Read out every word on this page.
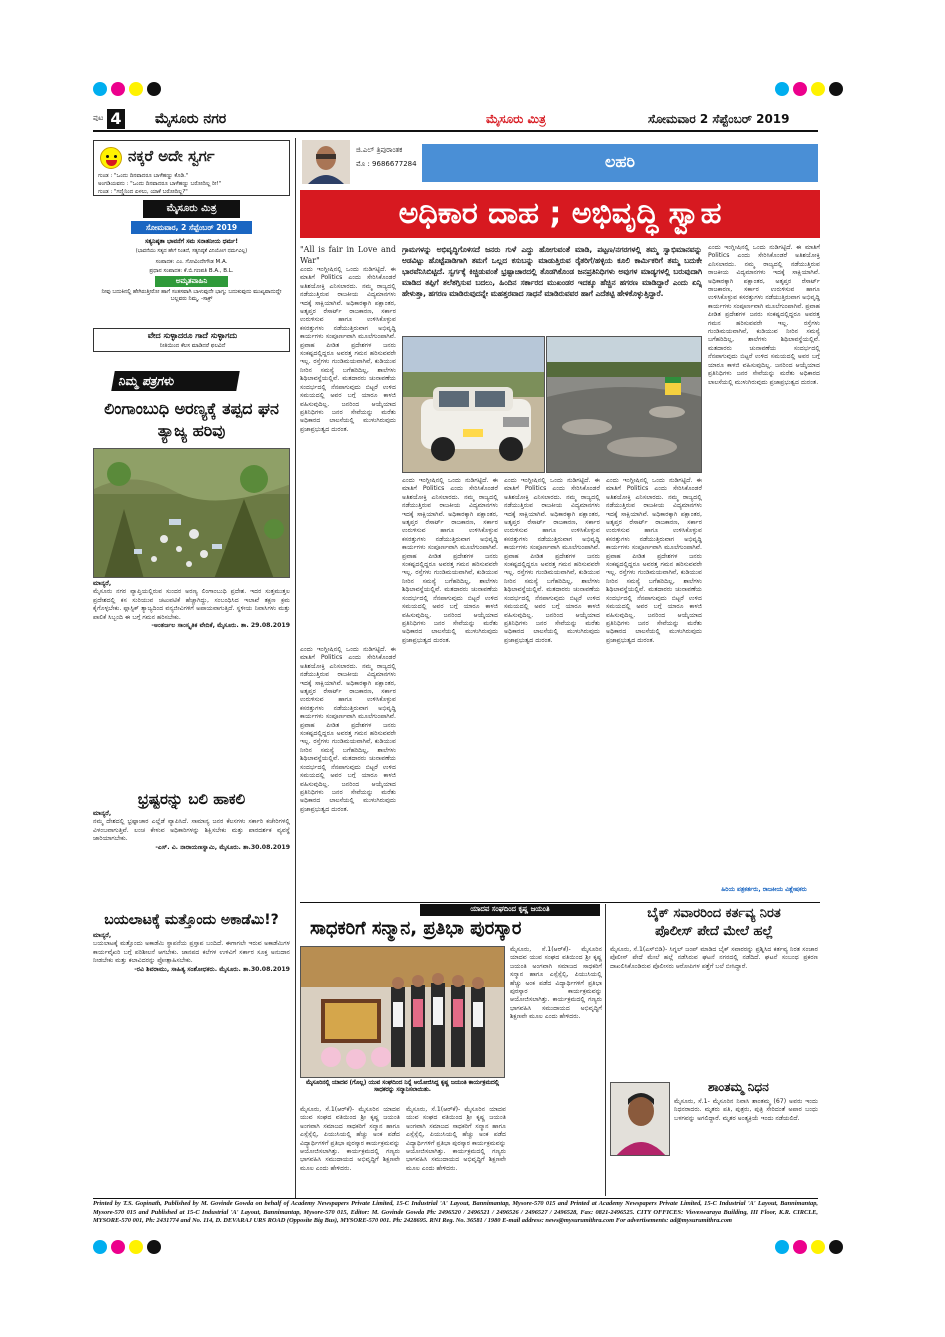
ಪುಟ 4 ಮೈಸೂರು ನಗರ	ಮೈಸೂರು ಮಿತ್ರ	ಸೋಮವಾರ 2 ಸೆಪ್ಟೆಂಬರ್ 2019
ನಕ್ಕರೆ ಅದೇ ಸ್ವರ್ಗ
ಗುಂಡ : "ಒಂದು ದಿನವಾದರೂ ಬಾಳೆಹಣ್ಣು ಕೊಡಿ."
ಅಂಗಡಿಯವನು : "ಒಂದು ದಿನವಾದರೂ ಬಾಳೆಹಣ್ಣು ಬರೋದಿಲ್ಲ ರೀ!"
ಗುಂಡ : "ಗಣ್ಣಿನಿಂದ ಏಳಲು, ಯಾಕೆ ಬರೋದಿಲ್ಲ?"
ಮೈಸೂರು ಮಿತ್ರ
ಸೋಮವಾರ, 2 ಸೆಪ್ಟೆಂಬರ್ 2019
ಸತ್ಯನಿಷ್ಠತಾ ಭಾವನೆಗೆ ಸಮ ಸನಾತನೀಯ ಧರ್ಮ!
(ಭಾವನೆಯು ಸತ್ಯದ ಹೇಗೆ ನಿಂತಿದೆ, ಸತ್ಯನಿಷ್ಠತೆ ವಿನಿಯೋಗ ಧರ್ಮವಿಲ್ಲ)
ಸಂಪಾದಕ: ಎಂ. ಗೋವಿಂದೇಗೌಡ M.A.
ಪ್ರಧಾನ ಸಂಪಾದಕ: ಕೆ.ಬಿ.ಗಣಪತಿ B.A., B.L.
ಅಮೃತವಾಹಿನಿ
ನೀವು ಬದುಕಿನಲ್ಲಿ ಹೇಗಿರುತ್ತೀರೋ ಹಾಗೆ ಸಂತಸವಾಗಿ ಬಾಳುವುದೇ ಭಾಗ್ಯ; ಬದುಕುವುದು ಮುಖ್ಯವಾದುದ್ದೇ ಬಲ್ಲವರು ನಿಮ್ಮ. -ಸಾಕ್ರ್
ವೇದ ಸುಳ್ಳಾದರೂ ಗಾದೆ ಸುಳ್ಳಾಗದು
ನೀತಿಯಿಂದ ಕೆಲಸ ಮಾಡಿದರೆ ಫಲವಿದೆ
ನಿಮ್ಮ ಪತ್ರಗಳು
ಲಿಂಗಾಂಬುಧಿ ಅರಣ್ಯಕ್ಕೆ ತಪ್ಪದ ಘನ ತ್ಯಾಜ್ಯ ಹರಿವು

ಮಾನ್ಯರೆ,

ಮೈಸೂರು ನಗರ ವ್ಯಾಪ್ತಿಯಲ್ಲಿರುವ ಸುಂದರ ಅರಣ್ಯ ಲಿಂಗಾಂಬುಧಿ ಪ್ರದೇಶ. ಇದರ ಸುತ್ತಮುತ್ತಲ ಪ್ರದೇಶದಲ್ಲಿ ಕಸ ಸುರಿಯುವ ಚಟುವಟಿಕೆ ಹೆಚ್ಚಾಗಿದ್ದು, ಸಂಬಂಧಿಸಿದ ಇಲಾಖೆ ತಕ್ಷಣ ಕ್ರಮ ಕೈಗೊಳ್ಳಬೇಕು. ಪ್ಲಾಸ್ಟಿಕ್ ತ್ಯಾಜ್ಯದಿಂದ ವನ್ಯಜೀವಿಗಳಿಗೆ ಅಪಾಯವಾಗುತ್ತಿದೆ. ಸ್ಥಳೀಯ ನಿವಾಸಿಗಳು ಮತ್ತು ಪಾಲಿಕೆ ಸಿಬ್ಬಂದಿ ಈ ಬಗ್ಗೆ ಗಮನ ಹರಿಸಬೇಕು.

-ಅಂತರ್ಜಲ ಸಾಂಸ್ಕೃತಿಕ ವೇದಿಕೆ, ಮೈಸೂರು. ತಾ. 29.08.2019

ಭ್ರಷ್ಟರನ್ನು ಬಲಿ ಹಾಕಲಿ

ಮಾನ್ಯರೆ,

ನಮ್ಮ ದೇಶದಲ್ಲಿ ಭ್ರಷ್ಟಾಚಾರ ಎಲ್ಲೆಡೆ ವ್ಯಾಪಿಸಿದೆ. ಸಾಮಾನ್ಯ ಜನರ ಕೆಲಸಗಳು ಸರ್ಕಾರಿ ಕಚೇರಿಗಳಲ್ಲಿ ವಿಳಂಬವಾಗುತ್ತಿವೆ. ಲಂಚ ಕೇಳುವ ಅಧಿಕಾರಿಗಳನ್ನು ಶಿಕ್ಷಿಸಬೇಕು ಮತ್ತು ಪಾರದರ್ಶಕ ವ್ಯವಸ್ಥೆ ಜಾರಿಯಾಗಬೇಕು.

-ಎಸ್. ವಿ. ನಾರಾಯಣಸ್ವಾಮಿ, ಮೈಸೂರು. ತಾ.30.08.2019

ಬಯಲಾಟಕ್ಕೆ ಮತ್ತೊಂದು ಅಕಾಡೆಮಿ!?

ಮಾನ್ಯರೆ,

ಬಯಲಾಟಕ್ಕೆ ಮತ್ತೊಂದು ಅಕಾಡೆಮಿ ಸ್ಥಾಪನೆಯ ಪ್ರಸ್ತಾಪ ಬಂದಿದೆ. ಈಗಾಗಲೇ ಇರುವ ಅಕಾಡೆಮಿಗಳ ಕಾರ್ಯವೈಖರಿ ಬಗ್ಗೆ ಪರಿಶೀಲನೆ ಆಗಬೇಕು. ಜಾನಪದ ಕಲೆಗಳ ಉಳಿವಿಗೆ ಸರ್ಕಾರ ಸೂಕ್ತ ಅನುದಾನ ನೀಡಬೇಕು ಮತ್ತು ಕಲಾವಿದರನ್ನು ಪ್ರೋತ್ಸಾಹಿಸಬೇಕು.

-ರವಿ ಶಿವರಾಮು, ಸಾಹಿತ್ಯ ಸಂಶೋಧಕರು. ಮೈಸೂರು. ತಾ.30.08.2019

ಜಿ.ಎಲ್ ತ್ರಿಪುರಾಂತಕ
ಮೊ : 9686677284	ಲಹರಿ
ಅಧಿಕಾರ ದಾಹ ; ಅಭಿವೃದ್ಧಿ ಸ್ವಾಹ
ಗ್ರಾಮಗಳನ್ನು ಅಭಿವೃದ್ಧಿಗೊಳಿಸದೆ ಜನರು ಗುಳೆ ಎದ್ದು ಹೋಗುವಂತೆ ಮಾಡಿ, ಪಟ್ಟಣ/ನಗರಗಳಲ್ಲಿ ತಮ್ಮ ಸ್ವಾಭಿಮಾನವನ್ನು ಅಡವಿಟ್ಟು ಹೊಟ್ಟೆಪಾಡಿಗಾಗಿ ತಮಗೆ ಒಲ್ಲದ ಕಸುಬನ್ನು ಮಾಡುತ್ತಿರುವ ರೈತರಿಗೆ/ಹಳ್ಳಿಯ ಕೂಲಿ ಕಾರ್ಮಿಕರಿಗೆ ತಮ್ಮ ಬದುಕೇ ಭಾರವೆನಿಸಿಬಿಟ್ಟಿದೆ. ಸ್ವರ್ಗಕ್ಕೆ ಕಿಚ್ಚಿಡುವಂತೆ ಭ್ರಷ್ಟಾಚಾರದಲ್ಲಿ ತೊಡಗಿಕೊಂಡ ಜನಪ್ರತಿನಿಧಿಗಳು ಅವುಗಳ ಮಾಡ್ಯಗಳಲ್ಲಿ ಬರುವುದಾಗಿ ಮಾಡಿದ ತಪ್ಪಿಗೆ ತಲೆತಗ್ಗಿಸುವ ಬದಲು, ಹಿಂದಿನ ಸರ್ಕಾರದ ಮುಖಂಡರ ಇದಕ್ಕೂ ಹೆಚ್ಚಿನ ಹಗರಣ ಮಾಡಿದ್ದಾರೆ ಎಂದು ಏನ್ನಿ ಹೇಳುತ್ತಾ, ಹಗರಣ ಮಾಡಿರುವುದನ್ನೇ ಮಹತ್ತರವಾದ ಸಾಧನೆ ಮಾಡಿರುವವರ ಹಾಗೆ ಎದೆತಟ್ಟಿ ಹೇಳಿಕೊಳ್ಳುತ್ತಿದ್ದಾರೆ.

"All is fair in Love and War"

ಎಂದು ಇಂಗ್ಲೀಷಿನಲ್ಲಿ ಒಂದು ನುಡಿಗಟ್ಟಿದೆ. ಈ ಮಾತಿಗೆ Politics ಎಂದು ಸೇರಿಸಿಕೊಂಡರೆ ಅತಿಶಯೋಕ್ತಿ ಎನಿಸಲಾರದು. ನಮ್ಮ ರಾಜ್ಯದಲ್ಲಿ ನಡೆಯುತ್ತಿರುವ ರಾಜಕೀಯ ವಿದ್ಯಮಾನಗಳು ಇದಕ್ಕೆ ಸಾಕ್ಷಿಯಾಗಿವೆ. ಅಧಿಕಾರಕ್ಕಾಗಿ ಪಕ್ಷಾಂತರ, ಅತೃಪ್ತರ ರೆಸಾರ್ಟ್ ರಾಜಕಾರಣ, ಸರ್ಕಾರ ಉರುಳಿಸುವ ಹಾಗೂ ಉಳಿಸಿಕೊಳ್ಳುವ ಕಸರತ್ತುಗಳು ನಡೆಯುತ್ತಿರುವಾಗ ಅಭಿವೃದ್ಧಿ ಕಾರ್ಯಗಳು ಸಂಪೂರ್ಣವಾಗಿ ಮೂಲೆಗುಂಪಾಗಿವೆ. ಪ್ರವಾಹ ಪೀಡಿತ ಪ್ರದೇಶಗಳ ಜನರು ಸಂಕಷ್ಟದಲ್ಲಿದ್ದರೂ ಅವರತ್ತ ಗಮನ ಹರಿಸುವವರೇ ಇಲ್ಲ. ರಸ್ತೆಗಳು ಗುಂಡಿಮಯವಾಗಿವೆ, ಕುಡಿಯುವ ನೀರಿನ ಸಮಸ್ಯೆ ಬಗೆಹರಿದಿಲ್ಲ, ಶಾಲೆಗಳು ಶಿಥಿಲಾವಸ್ಥೆಯಲ್ಲಿವೆ. ಮತದಾರರು ಚುನಾವಣೆಯ ಸಂದರ್ಭದಲ್ಲಿ ನೆನಪಾಗುವುದು ಬಿಟ್ಟರೆ ಉಳಿದ ಸಮಯದಲ್ಲಿ ಅವರ ಬಗ್ಗೆ ಯಾರೂ ಕಾಳಜಿ ವಹಿಸುವುದಿಲ್ಲ. ಜನರಿಂದ ಆಯ್ಕೆಯಾದ ಪ್ರತಿನಿಧಿಗಳು ಜನರ ಸೇವೆಯನ್ನು ಮರೆತು ಅಧಿಕಾರದ ಲಾಲಸೆಯಲ್ಲಿ ಮುಳುಗಿರುವುದು ಪ್ರಜಾಪ್ರಭುತ್ವದ ದುರಂತ.

ಎಂದು ಇಂಗ್ಲೀಷಿನಲ್ಲಿ ಒಂದು ನುಡಿಗಟ್ಟಿದೆ. ಈ ಮಾತಿಗೆ Politics ಎಂದು ಸೇರಿಸಿಕೊಂಡರೆ ಅತಿಶಯೋಕ್ತಿ ಎನಿಸಲಾರದು. ನಮ್ಮ ರಾಜ್ಯದಲ್ಲಿ ನಡೆಯುತ್ತಿರುವ ರಾಜಕೀಯ ವಿದ್ಯಮಾನಗಳು ಇದಕ್ಕೆ ಸಾಕ್ಷಿಯಾಗಿವೆ. ಅಧಿಕಾರಕ್ಕಾಗಿ ಪಕ್ಷಾಂತರ, ಅತೃಪ್ತರ ರೆಸಾರ್ಟ್ ರಾಜಕಾರಣ, ಸರ್ಕಾರ ಉರುಳಿಸುವ ಹಾಗೂ ಉಳಿಸಿಕೊಳ್ಳುವ ಕಸರತ್ತುಗಳು ನಡೆಯುತ್ತಿರುವಾಗ ಅಭಿವೃದ್ಧಿ ಕಾರ್ಯಗಳು ಸಂಪೂರ್ಣವಾಗಿ ಮೂಲೆಗುಂಪಾಗಿವೆ. ಪ್ರವಾಹ ಪೀಡಿತ ಪ್ರದೇಶಗಳ ಜನರು ಸಂಕಷ್ಟದಲ್ಲಿದ್ದರೂ ಅವರತ್ತ ಗಮನ ಹರಿಸುವವರೇ ಇಲ್ಲ. ರಸ್ತೆಗಳು ಗುಂಡಿಮಯವಾಗಿವೆ, ಕುಡಿಯುವ ನೀರಿನ ಸಮಸ್ಯೆ ಬಗೆಹರಿದಿಲ್ಲ, ಶಾಲೆಗಳು ಶಿಥಿಲಾವಸ್ಥೆಯಲ್ಲಿವೆ. ಮತದಾರರು ಚುನಾವಣೆಯ ಸಂದರ್ಭದಲ್ಲಿ ನೆನಪಾಗುವುದು ಬಿಟ್ಟರೆ ಉಳಿದ ಸಮಯದಲ್ಲಿ ಅವರ ಬಗ್ಗೆ ಯಾರೂ ಕಾಳಜಿ ವಹಿಸುವುದಿಲ್ಲ. ಜನರಿಂದ ಆಯ್ಕೆಯಾದ ಪ್ರತಿನಿಧಿಗಳು ಜನರ ಸೇವೆಯನ್ನು ಮರೆತು ಅಧಿಕಾರದ ಲಾಲಸೆಯಲ್ಲಿ ಮುಳುಗಿರುವುದು ಪ್ರಜಾಪ್ರಭುತ್ವದ ದುರಂತ.
ಎಂದು ಇಂಗ್ಲೀಷಿನಲ್ಲಿ ಒಂದು ನುಡಿಗಟ್ಟಿದೆ. ಈ ಮಾತಿಗೆ Politics ಎಂದು ಸೇರಿಸಿಕೊಂಡರೆ ಅತಿಶಯೋಕ್ತಿ ಎನಿಸಲಾರದು. ನಮ್ಮ ರಾಜ್ಯದಲ್ಲಿ ನಡೆಯುತ್ತಿರುವ ರಾಜಕೀಯ ವಿದ್ಯಮಾನಗಳು ಇದಕ್ಕೆ ಸಾಕ್ಷಿಯಾಗಿವೆ. ಅಧಿಕಾರಕ್ಕಾಗಿ ಪಕ್ಷಾಂತರ, ಅತೃಪ್ತರ ರೆಸಾರ್ಟ್ ರಾಜಕಾರಣ, ಸರ್ಕಾರ ಉರುಳಿಸುವ ಹಾಗೂ ಉಳಿಸಿಕೊಳ್ಳುವ ಕಸರತ್ತುಗಳು ನಡೆಯುತ್ತಿರುವಾಗ ಅಭಿವೃದ್ಧಿ ಕಾರ್ಯಗಳು ಸಂಪೂರ್ಣವಾಗಿ ಮೂಲೆಗುಂಪಾಗಿವೆ. ಪ್ರವಾಹ ಪೀಡಿತ ಪ್ರದೇಶಗಳ ಜನರು ಸಂಕಷ್ಟದಲ್ಲಿದ್ದರೂ ಅವರತ್ತ ಗಮನ ಹರಿಸುವವರೇ ಇಲ್ಲ. ರಸ್ತೆಗಳು ಗುಂಡಿಮಯವಾಗಿವೆ, ಕುಡಿಯುವ ನೀರಿನ ಸಮಸ್ಯೆ ಬಗೆಹರಿದಿಲ್ಲ, ಶಾಲೆಗಳು ಶಿಥಿಲಾವಸ್ಥೆಯಲ್ಲಿವೆ. ಮತದಾರರು ಚುನಾವಣೆಯ ಸಂದರ್ಭದಲ್ಲಿ ನೆನಪಾಗುವುದು ಬಿಟ್ಟರೆ ಉಳಿದ ಸಮಯದಲ್ಲಿ ಅವರ ಬಗ್ಗೆ ಯಾರೂ ಕಾಳಜಿ ವಹಿಸುವುದಿಲ್ಲ. ಜನರಿಂದ ಆಯ್ಕೆಯಾದ ಪ್ರತಿನಿಧಿಗಳು ಜನರ ಸೇವೆಯನ್ನು ಮರೆತು ಅಧಿಕಾರದ ಲಾಲಸೆಯಲ್ಲಿ ಮುಳುಗಿರುವುದು ಪ್ರಜಾಪ್ರಭುತ್ವದ ದುರಂತ.
ಎಂದು ಇಂಗ್ಲೀಷಿನಲ್ಲಿ ಒಂದು ನುಡಿಗಟ್ಟಿದೆ. ಈ ಮಾತಿಗೆ Politics ಎಂದು ಸೇರಿಸಿಕೊಂಡರೆ ಅತಿಶಯೋಕ್ತಿ ಎನಿಸಲಾರದು. ನಮ್ಮ ರಾಜ್ಯದಲ್ಲಿ ನಡೆಯುತ್ತಿರುವ ರಾಜಕೀಯ ವಿದ್ಯಮಾನಗಳು ಇದಕ್ಕೆ ಸಾಕ್ಷಿಯಾಗಿವೆ. ಅಧಿಕಾರಕ್ಕಾಗಿ ಪಕ್ಷಾಂತರ, ಅತೃಪ್ತರ ರೆಸಾರ್ಟ್ ರಾಜಕಾರಣ, ಸರ್ಕಾರ ಉರುಳಿಸುವ ಹಾಗೂ ಉಳಿಸಿಕೊಳ್ಳುವ ಕಸರತ್ತುಗಳು ನಡೆಯುತ್ತಿರುವಾಗ ಅಭಿವೃದ್ಧಿ ಕಾರ್ಯಗಳು ಸಂಪೂರ್ಣವಾಗಿ ಮೂಲೆಗುಂಪಾಗಿವೆ. ಪ್ರವಾಹ ಪೀಡಿತ ಪ್ರದೇಶಗಳ ಜನರು ಸಂಕಷ್ಟದಲ್ಲಿದ್ದರೂ ಅವರತ್ತ ಗಮನ ಹರಿಸುವವರೇ ಇಲ್ಲ. ರಸ್ತೆಗಳು ಗುಂಡಿಮಯವಾಗಿವೆ, ಕುಡಿಯುವ ನೀರಿನ ಸಮಸ್ಯೆ ಬಗೆಹರಿದಿಲ್ಲ, ಶಾಲೆಗಳು ಶಿಥಿಲಾವಸ್ಥೆಯಲ್ಲಿವೆ. ಮತದಾರರು ಚುನಾವಣೆಯ ಸಂದರ್ಭದಲ್ಲಿ ನೆನಪಾಗುವುದು ಬಿಟ್ಟರೆ ಉಳಿದ ಸಮಯದಲ್ಲಿ ಅವರ ಬಗ್ಗೆ ಯಾರೂ ಕಾಳಜಿ ವಹಿಸುವುದಿಲ್ಲ. ಜನರಿಂದ ಆಯ್ಕೆಯಾದ ಪ್ರತಿನಿಧಿಗಳು ಜನರ ಸೇವೆಯನ್ನು ಮರೆತು ಅಧಿಕಾರದ ಲಾಲಸೆಯಲ್ಲಿ ಮುಳುಗಿರುವುದು ಪ್ರಜಾಪ್ರಭುತ್ವದ ದುರಂತ.
ಎಂದು ಇಂಗ್ಲೀಷಿನಲ್ಲಿ ಒಂದು ನುಡಿಗಟ್ಟಿದೆ. ಈ ಮಾತಿಗೆ Politics ಎಂದು ಸೇರಿಸಿಕೊಂಡರೆ ಅತಿಶಯೋಕ್ತಿ ಎನಿಸಲಾರದು. ನಮ್ಮ ರಾಜ್ಯದಲ್ಲಿ ನಡೆಯುತ್ತಿರುವ ರಾಜಕೀಯ ವಿದ್ಯಮಾನಗಳು ಇದಕ್ಕೆ ಸಾಕ್ಷಿಯಾಗಿವೆ. ಅಧಿಕಾರಕ್ಕಾಗಿ ಪಕ್ಷಾಂತರ, ಅತೃಪ್ತರ ರೆಸಾರ್ಟ್ ರಾಜಕಾರಣ, ಸರ್ಕಾರ ಉರುಳಿಸುವ ಹಾಗೂ ಉಳಿಸಿಕೊಳ್ಳುವ ಕಸರತ್ತುಗಳು ನಡೆಯುತ್ತಿರುವಾಗ ಅಭಿವೃದ್ಧಿ ಕಾರ್ಯಗಳು ಸಂಪೂರ್ಣವಾಗಿ ಮೂಲೆಗುಂಪಾಗಿವೆ. ಪ್ರವಾಹ ಪೀಡಿತ ಪ್ರದೇಶಗಳ ಜನರು ಸಂಕಷ್ಟದಲ್ಲಿದ್ದರೂ ಅವರತ್ತ ಗಮನ ಹರಿಸುವವರೇ ಇಲ್ಲ. ರಸ್ತೆಗಳು ಗುಂಡಿಮಯವಾಗಿವೆ, ಕುಡಿಯುವ ನೀರಿನ ಸಮಸ್ಯೆ ಬಗೆಹರಿದಿಲ್ಲ, ಶಾಲೆಗಳು ಶಿಥಿಲಾವಸ್ಥೆಯಲ್ಲಿವೆ. ಮತದಾರರು ಚುನಾವಣೆಯ ಸಂದರ್ಭದಲ್ಲಿ ನೆನಪಾಗುವುದು ಬಿಟ್ಟರೆ ಉಳಿದ ಸಮಯದಲ್ಲಿ ಅವರ ಬಗ್ಗೆ ಯಾರೂ ಕಾಳಜಿ ವಹಿಸುವುದಿಲ್ಲ. ಜನರಿಂದ ಆಯ್ಕೆಯಾದ ಪ್ರತಿನಿಧಿಗಳು ಜನರ ಸೇವೆಯನ್ನು ಮರೆತು ಅಧಿಕಾರದ ಲಾಲಸೆಯಲ್ಲಿ ಮುಳುಗಿರುವುದು ಪ್ರಜಾಪ್ರಭುತ್ವದ ದುರಂತ.
ಎಂದು ಇಂಗ್ಲೀಷಿನಲ್ಲಿ ಒಂದು ನುಡಿಗಟ್ಟಿದೆ. ಈ ಮಾತಿಗೆ Politics ಎಂದು ಸೇರಿಸಿಕೊಂಡರೆ ಅತಿಶಯೋಕ್ತಿ ಎನಿಸಲಾರದು. ನಮ್ಮ ರಾಜ್ಯದಲ್ಲಿ ನಡೆಯುತ್ತಿರುವ ರಾಜಕೀಯ ವಿದ್ಯಮಾನಗಳು ಇದಕ್ಕೆ ಸಾಕ್ಷಿಯಾಗಿವೆ. ಅಧಿಕಾರಕ್ಕಾಗಿ ಪಕ್ಷಾಂತರ, ಅತೃಪ್ತರ ರೆಸಾರ್ಟ್ ರಾಜಕಾರಣ, ಸರ್ಕಾರ ಉರುಳಿಸುವ ಹಾಗೂ ಉಳಿಸಿಕೊಳ್ಳುವ ಕಸರತ್ತುಗಳು ನಡೆಯುತ್ತಿರುವಾಗ ಅಭಿವೃದ್ಧಿ ಕಾರ್ಯಗಳು ಸಂಪೂರ್ಣವಾಗಿ ಮೂಲೆಗುಂಪಾಗಿವೆ. ಪ್ರವಾಹ ಪೀಡಿತ ಪ್ರದೇಶಗಳ ಜನರು ಸಂಕಷ್ಟದಲ್ಲಿದ್ದರೂ ಅವರತ್ತ ಗಮನ ಹರಿಸುವವರೇ ಇಲ್ಲ. ರಸ್ತೆಗಳು ಗುಂಡಿಮಯವಾಗಿವೆ, ಕುಡಿಯುವ ನೀರಿನ ಸಮಸ್ಯೆ ಬಗೆಹರಿದಿಲ್ಲ, ಶಾಲೆಗಳು ಶಿಥಿಲಾವಸ್ಥೆಯಲ್ಲಿವೆ. ಮತದಾರರು ಚುನಾವಣೆಯ ಸಂದರ್ಭದಲ್ಲಿ ನೆನಪಾಗುವುದು ಬಿಟ್ಟರೆ ಉಳಿದ ಸಮಯದಲ್ಲಿ ಅವರ ಬಗ್ಗೆ ಯಾರೂ ಕಾಳಜಿ ವಹಿಸುವುದಿಲ್ಲ. ಜನರಿಂದ ಆಯ್ಕೆಯಾದ ಪ್ರತಿನಿಧಿಗಳು ಜನರ ಸೇವೆಯನ್ನು ಮರೆತು ಅಧಿಕಾರದ ಲಾಲಸೆಯಲ್ಲಿ ಮುಳುಗಿರುವುದು ಪ್ರಜಾಪ್ರಭುತ್ವದ ದುರಂತ.
ಹಿರಿಯ ಪತ್ರಕರ್ತರು, ರಾಜಕೀಯ ವಿಶ್ಲೇಷಕರು
ಯಾದವ ಸಂಘದಿಂದ ಕೃಷ್ಣ ಜಯಂತಿ
ಸಾಧಕರಿಗೆ ಸನ್ಮಾನ, ಪ್ರತಿಭಾ ಪುರಸ್ಕಾರ
ಮೈಸೂರಿನಲ್ಲಿ ಯಾದವ (ಗೊಲ್ಲ) ಯುವ ಸಂಘದಿಂದ ನಿನ್ನೆ ಆಯೋಜಿಸಿದ್ದ ಕೃಷ್ಣ ಜಯಂತಿ ಕಾರ್ಯಕ್ರಮದಲ್ಲಿ ಸಾಧಕರನ್ನು ಸನ್ಮಾನಿಸಲಾಯಿತು.
ಮೈಸೂರು, ಸೆ.1(ಆರ್‌ಕೆ)- ಮೈಸೂರಿನ ಯಾದವ ಯುವ ಸಂಘದ ವತಿಯಿಂದ ಶ್ರೀ ಕೃಷ್ಣ ಜಯಂತಿ ಅಂಗವಾಗಿ ಸಮಾಜದ ಸಾಧಕರಿಗೆ ಸನ್ಮಾನ ಹಾಗೂ ಎಸ್ಸೆಸ್ಸೆಲ್ಸಿ, ಪಿಯುಸಿಯಲ್ಲಿ ಹೆಚ್ಚು ಅಂಕ ಪಡೆದ ವಿದ್ಯಾರ್ಥಿಗಳಿಗೆ ಪ್ರತಿಭಾ ಪುರಸ್ಕಾರ ಕಾರ್ಯಕ್ರಮವನ್ನು ಆಯೋಜಿಸಲಾಗಿತ್ತು. ಕಾರ್ಯಕ್ರಮದಲ್ಲಿ ಗಣ್ಯರು ಭಾಗವಹಿಸಿ ಸಮುದಾಯದ ಅಭಿವೃದ್ಧಿಗೆ ಶಿಕ್ಷಣವೇ ಮೂಲ ಎಂದು ಹೇಳಿದರು.
ಮೈಸೂರು, ಸೆ.1(ಆರ್‌ಕೆ)- ಮೈಸೂರಿನ ಯಾದವ ಯುವ ಸಂಘದ ವತಿಯಿಂದ ಶ್ರೀ ಕೃಷ್ಣ ಜಯಂತಿ ಅಂಗವಾಗಿ ಸಮಾಜದ ಸಾಧಕರಿಗೆ ಸನ್ಮಾನ ಹಾಗೂ ಎಸ್ಸೆಸ್ಸೆಲ್ಸಿ, ಪಿಯುಸಿಯಲ್ಲಿ ಹೆಚ್ಚು ಅಂಕ ಪಡೆದ ವಿದ್ಯಾರ್ಥಿಗಳಿಗೆ ಪ್ರತಿಭಾ ಪುರಸ್ಕಾರ ಕಾರ್ಯಕ್ರಮವನ್ನು ಆಯೋಜಿಸಲಾಗಿತ್ತು. ಕಾರ್ಯಕ್ರಮದಲ್ಲಿ ಗಣ್ಯರು ಭಾಗವಹಿಸಿ ಸಮುದಾಯದ ಅಭಿವೃದ್ಧಿಗೆ ಶಿಕ್ಷಣವೇ ಮೂಲ ಎಂದು ಹೇಳಿದರು.
ಮೈಸೂರು, ಸೆ.1(ಆರ್‌ಕೆ)- ಮೈಸೂರಿನ ಯಾದವ ಯುವ ಸಂಘದ ವತಿಯಿಂದ ಶ್ರೀ ಕೃಷ್ಣ ಜಯಂತಿ ಅಂಗವಾಗಿ ಸಮಾಜದ ಸಾಧಕರಿಗೆ ಸನ್ಮಾನ ಹಾಗೂ ಎಸ್ಸೆಸ್ಸೆಲ್ಸಿ, ಪಿಯುಸಿಯಲ್ಲಿ ಹೆಚ್ಚು ಅಂಕ ಪಡೆದ ವಿದ್ಯಾರ್ಥಿಗಳಿಗೆ ಪ್ರತಿಭಾ ಪುರಸ್ಕಾರ ಕಾರ್ಯಕ್ರಮವನ್ನು ಆಯೋಜಿಸಲಾಗಿತ್ತು. ಕಾರ್ಯಕ್ರಮದಲ್ಲಿ ಗಣ್ಯರು ಭಾಗವಹಿಸಿ ಸಮುದಾಯದ ಅಭಿವೃದ್ಧಿಗೆ ಶಿಕ್ಷಣವೇ ಮೂಲ ಎಂದು ಹೇಳಿದರು.
ಬೈಕ್ ಸವಾರರಿಂದ ಕರ್ತವ್ಯ ನಿರತ
ಪೊಲೀಸ್ ಪೇದೆ ಮೇಲೆ ಹಲ್ಲೆ
ಮೈಸೂರು, ಸೆ.1(ಎಸ್‌ಬಿಡಿ)- ಸಿಗ್ನಲ್ ಜಂಪ್ ಮಾಡಿದ ಬೈಕ್ ಸವಾರರನ್ನು ಪ್ರಶ್ನಿಸಿದ ಕರ್ತವ್ಯ ನಿರತ ಸಂಚಾರ ಪೊಲೀಸ್ ಪೇದೆ ಮೇಲೆ ಹಲ್ಲೆ ನಡೆಸಿರುವ ಘಟನೆ ನಗರದಲ್ಲಿ ನಡೆದಿದೆ. ಘಟನೆ ಸಂಬಂಧ ಪ್ರಕರಣ ದಾಖಲಿಸಿಕೊಂಡಿರುವ ಪೊಲೀಸರು ಆರೋಪಿಗಳ ಪತ್ತೆಗೆ ಬಲೆ ಬೀಸಿದ್ದಾರೆ.
ಶಾಂತಮ್ಮ ನಿಧನ
ಮೈಸೂರು, ಸೆ.1- ಮೈಸೂರಿನ ನಿವಾಸಿ ಶಾಂತಮ್ಮ (67) ಅವರು ಇಂದು ನಿಧನರಾದರು. ಮೃತರು ಪತಿ, ಪುತ್ರರು, ಪುತ್ರಿ ಸೇರಿದಂತೆ ಅಪಾರ ಬಂಧು ಬಳಗವನ್ನು ಅಗಲಿದ್ದಾರೆ. ಮೃತರ ಅಂತ್ಯಕ್ರಿಯೆ ಇಂದು ನಡೆಯಲಿದೆ.
Printed by T.S. Gopinath, Published by M. Govinde Gowda on behalf of Academy Newspapers Private Limited, 15-C Industrial 'A' Layout, Bannimantap, Mysore-570 015 and Printed at Academy Newspapers Private Limited, 15-C Industrial 'A' Layout, Bannimantap, Mysore-570 015 and Published at 15-C Industrial 'A' Layout, Bannimantap, Mysore-570 015, Editor: M. Govinde Gowda Ph: 2496520 / 2496521 / 2496526 / 2496527 / 2496528, Fax: 0821-2496525. CITY OFFICES: Visveswaraya Building, III Floor, K.R. CIRCLE, MYSORE-570 001, Ph: 2431774 and No. 114, D. DEVARAJ URS ROAD (Opposite Big Bus), MYSORE-570 001. Ph: 2428695. RNI Reg. No. 36581 / 1980 E-mail address: news@mysurumithra.com For advertisements: ad@mysurumithra.com
